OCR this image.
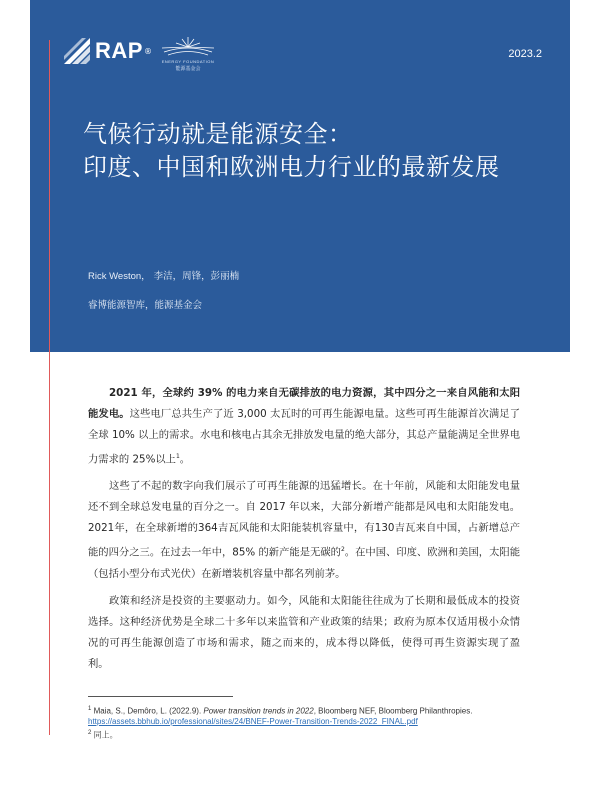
RAP ®
ENERGY FOUNDATION
能源基金会
2023.2
气候行动就是能源安全：
印度、中国和欧洲电力行业的最新发展
Rick Weston， 李洁，周锋，彭丽楠
睿博能源智库，能源基金会

2021 年，全球约 39% 的电力来自无碳排放的电力资源，其中四分之一来自风能和太阳能发电。这些电厂总共生产了近 3,000 太瓦时的可再生能源电量。这些可再生能源首次满足了全球 10% 以上的需求。水电和核电占其余无排放发电量的绝大部分，其总产量能满足全世界电力需求的 25%以上$^1$。

这些了不起的数字向我们展示了可再生能源的迅猛增长。在十年前，风能和太阳能发电量还不到全球总发电量的百分之一。自 2017 年以来，大部分新增产能都是风电和太阳能发电。2021年，在全球新增的364吉瓦风能和太阳能装机容量中，有130吉瓦来自中国，占新增总产能的四分之三。在过去一年中，85% 的新产能是无碳的$^2$。在中国、印度、欧洲和美国，太阳能（包括小型分布式光伏）在新增装机容量中都名列前茅。

政策和经济是投资的主要驱动力。如今，风能和太阳能往往成为了长期和最低成本的投资选择。这种经济优势是全球二十多年以来监管和产业政策的结果；政府为原本仅适用极小众情况的可再生能源创造了市场和需求，随之而来的，成本得以降低，使得可再生资源实现了盈利。

$^1$ Maia, S., Demôro, L. (2022.9). Power transition trends in 2022, Bloomberg NEF, Bloomberg Philanthropies. https://assets.bbhub.io/professional/sites/24/BNEF-Power-Transition-Trends-2022_FINAL.pdf
$^2$ 同上。
